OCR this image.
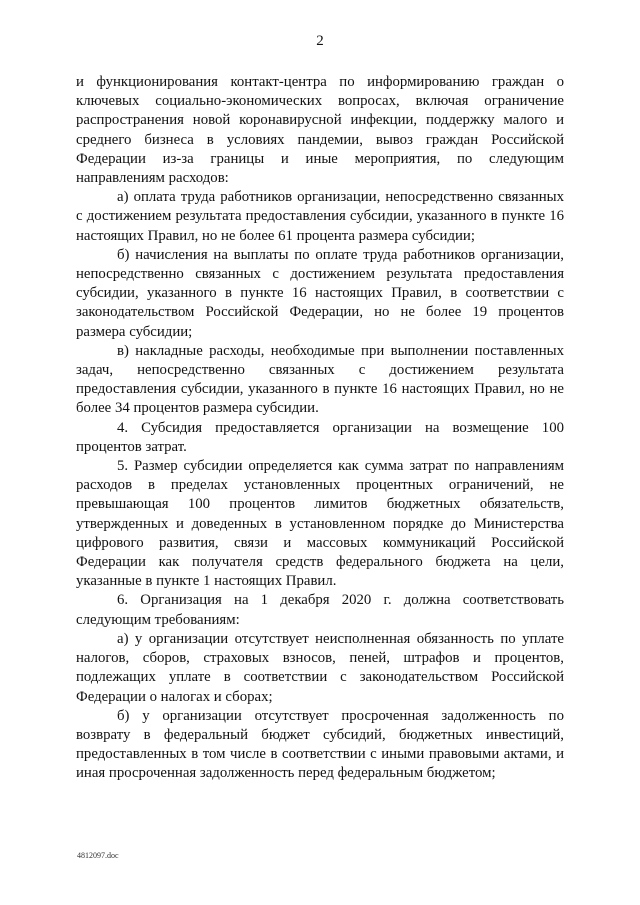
2

и функционирования контакт-центра по информированию граждан о ключевых социально-экономических вопросах, включая ограничение распространения новой коронавирусной инфекции, поддержку малого и среднего бизнеса в условиях пандемии, вывоз граждан Российской Федерации из-за границы и иные мероприятия, по следующим направлениям расходов:

а) оплата труда работников организации, непосредственно связанных с достижением результата предоставления субсидии, указанного в пункте 16 настоящих Правил, но не более 61 процента размера субсидии;

б) начисления на выплаты по оплате труда работников организации, непосредственно связанных с достижением результата предоставления субсидии, указанного в пункте 16 настоящих Правил, в соответствии с законодательством Российской Федерации, но не более 19 процентов размера субсидии;

в) накладные расходы, необходимые при выполнении поставленных задач, непосредственно связанных с достижением результата предоставления субсидии, указанного в пункте 16 настоящих Правил, но не более 34 процентов размера субсидии.

4. Субсидия предоставляется организации на возмещение 100 процентов затрат.

5. Размер субсидии определяется как сумма затрат по направлениям расходов в пределах установленных процентных ограничений, не превышающая 100 процентов лимитов бюджетных обязательств, утвержденных и доведенных в установленном порядке до Министерства цифрового развития, связи и массовых коммуникаций Российской Федерации как получателя средств федерального бюджета на цели, указанные в пункте 1 настоящих Правил.

6. Организация на 1 декабря 2020 г. должна соответствовать следующим требованиям:

а) у организации отсутствует неисполненная обязанность по уплате налогов, сборов, страховых взносов, пеней, штрафов и процентов, подлежащих уплате в соответствии с законодательством Российской Федерации о налогах и сборах;

б) у организации отсутствует просроченная задолженность по возврату в федеральный бюджет субсидий, бюджетных инвестиций, предоставленных в том числе в соответствии с иными правовыми актами, и иная просроченная задолженность перед федеральным бюджетом;

4812097.doc
